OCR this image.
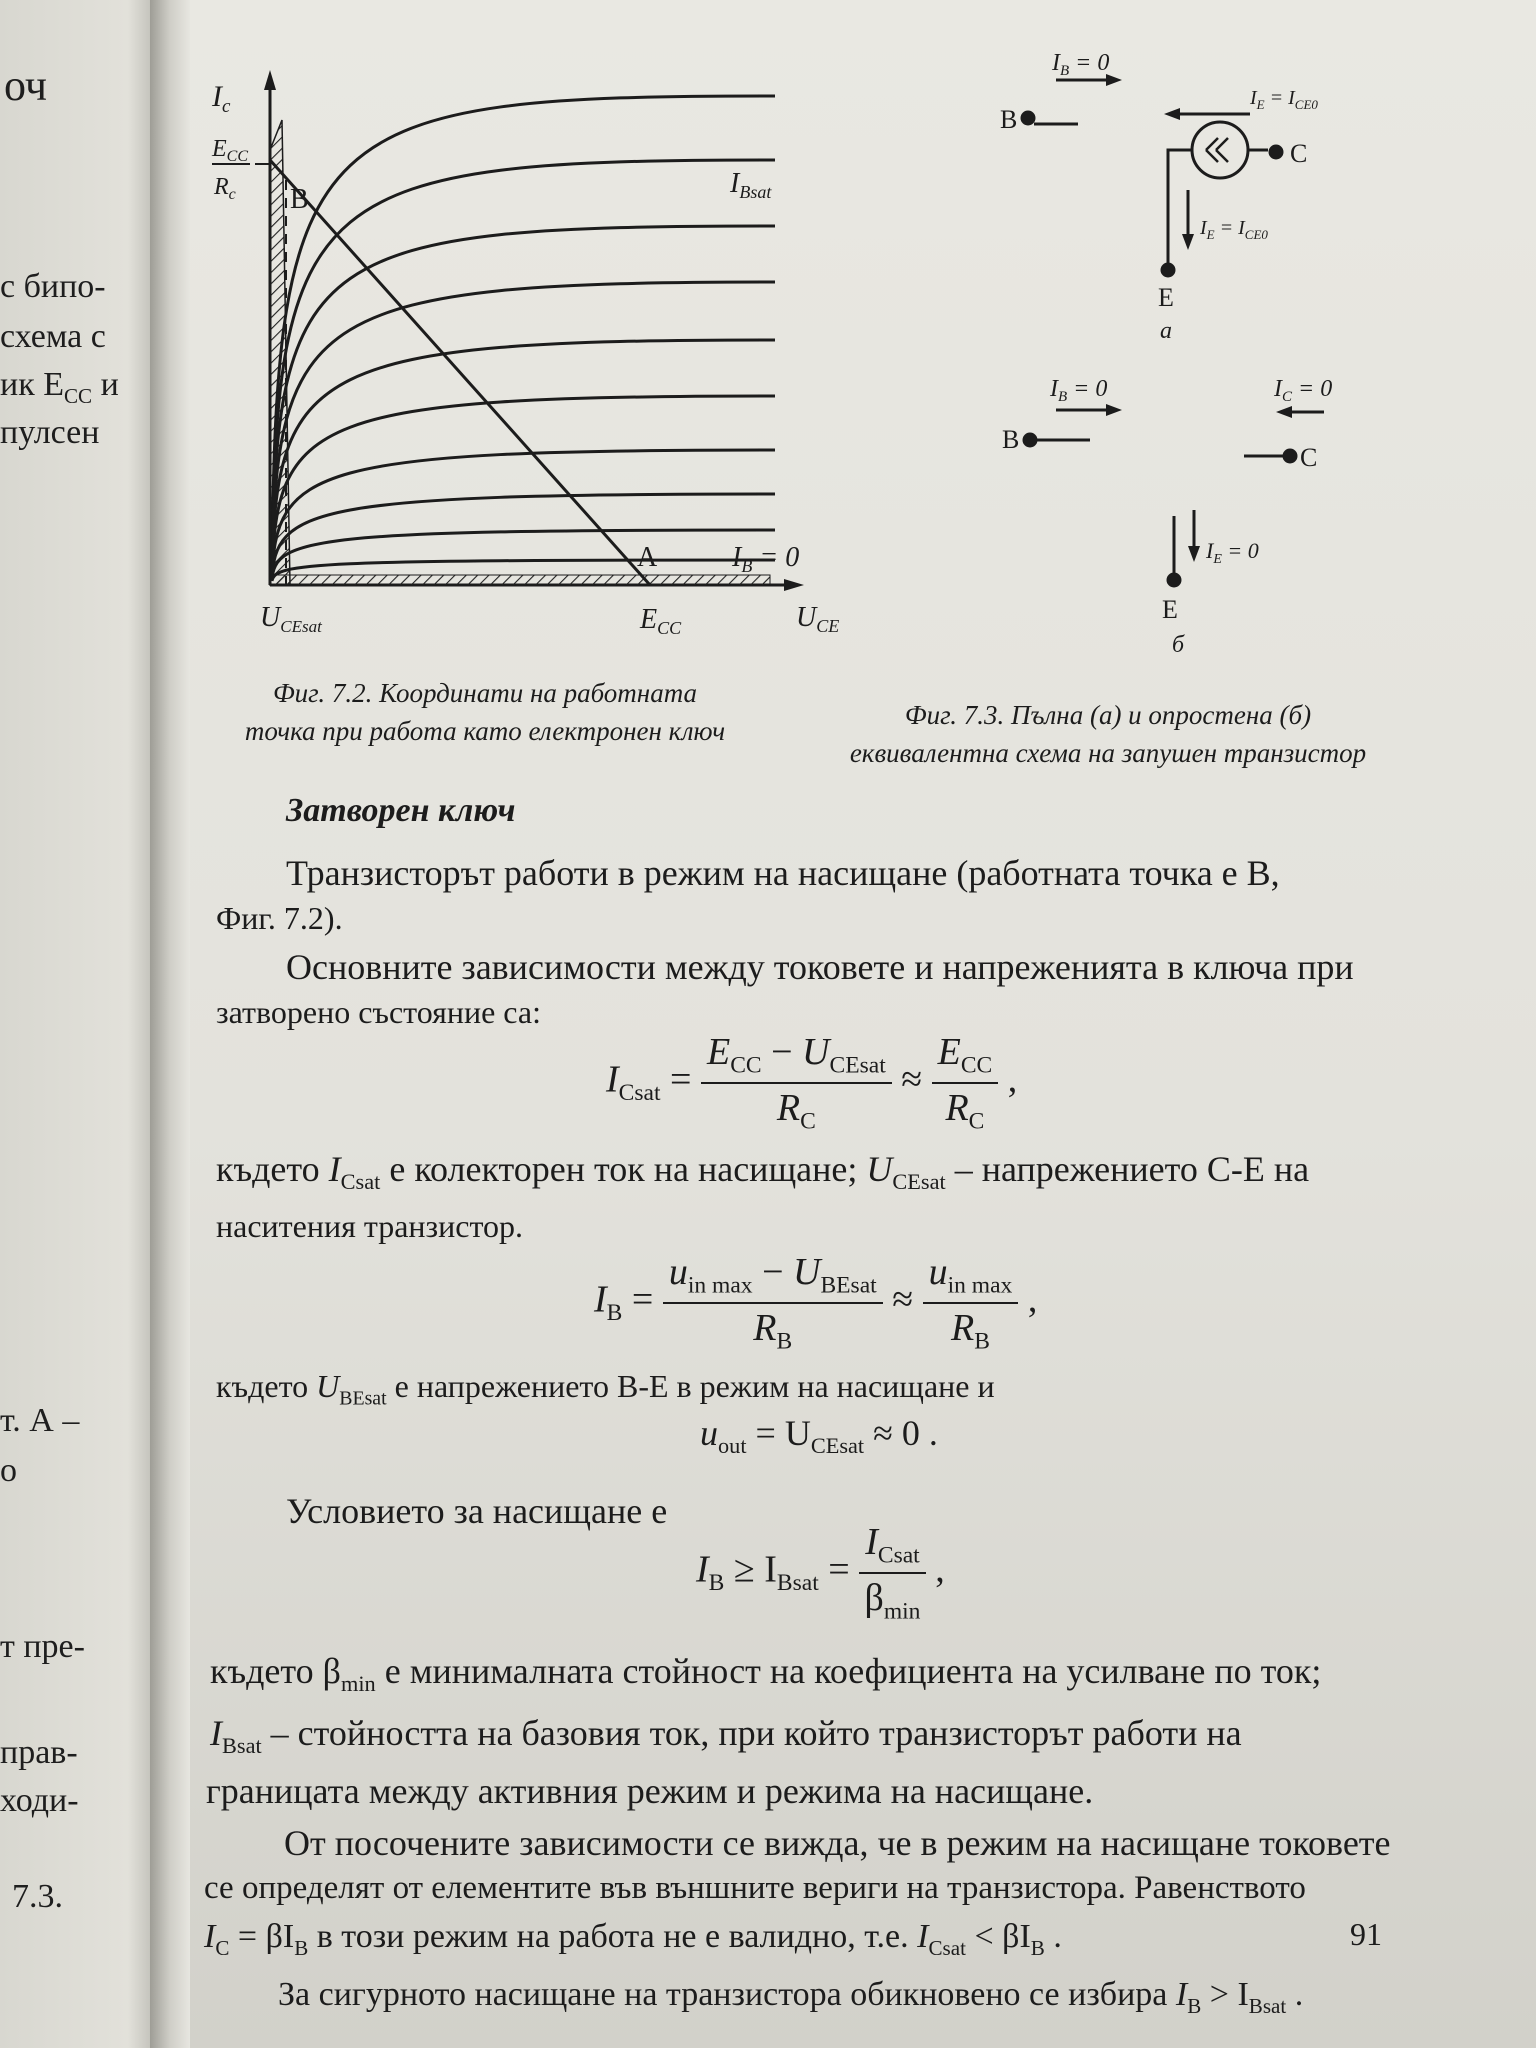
оч
с бипо-
схема с
ик $E_{CC}$ и
пулсен
т. А –
о
т пре-
прав-
ходи-
7.3.
$I_c$
$E_{CC}$
$R_c$ B
A
$I_{Bsat}$
$I_B = 0$
$U_{CEsat}$	$E_{CC}$	$U_{CE}$
Фиг. 7.2. Координати на работната
точка при работа като електронен ключ
$I_B = 0$
$I_E = I_{CE0}$
B
C
$I_E = I_{CE0}$
E
а
$I_B = 0$	$I_C = 0$
B
C
$I_E = 0$
E
б
Фиг. 7.3. Пълна (а) и опростена (б)
еквивалентна схема на запушен транзистор
Затворен ключ
Транзисторът работи в режим на насищане (работната точка е В,
Фиг. 7.2).
Основните зависимости между токовете и напреженията в ключа при
затворено състояние са:
$I_{Csat} = \frac{E_{CC} - U_{CEsat}}{R_C} \approx \frac{E_{CC}}{R_C}$ ,
където $I_{Csat}$ е колекторен ток на насищане; $U_{CEsat}$ – напрежението С-Е на
наситения транзистор.
$I_B = \frac{u_{in max} - U_{BEsat}}{R_B} \approx \frac{u_{in max}}{R_B}$ ,
където $U_{BEsat}$ е напрежението В-Е в режим на насищане и
$u_{out} = U_{CEsat} \approx 0$ .
Условието за насищане е
$I_B \ge I_{Bsat} = \frac{I_{Csat}}{\beta_{min}}$ ,
където $\beta_{min}$ е минималната стойност на коефициента на усилване по ток;
$I_{Bsat}$ – стойността на базовия ток, при който транзисторът работи на
границата между активния режим и режима на насищане.
От посочените зависимости се вижда, че в режим на насищане токовете
се определят от елементите във външните вериги на транзистора. Равенството
$I_C = \beta I_B$ в този режим на работа не е валидно, т.е. $I_{Csat} < \beta I_B$ .	91
За сигурното насищане на транзистора обикновено се избира $I_B > I_{Bsat}$ .
